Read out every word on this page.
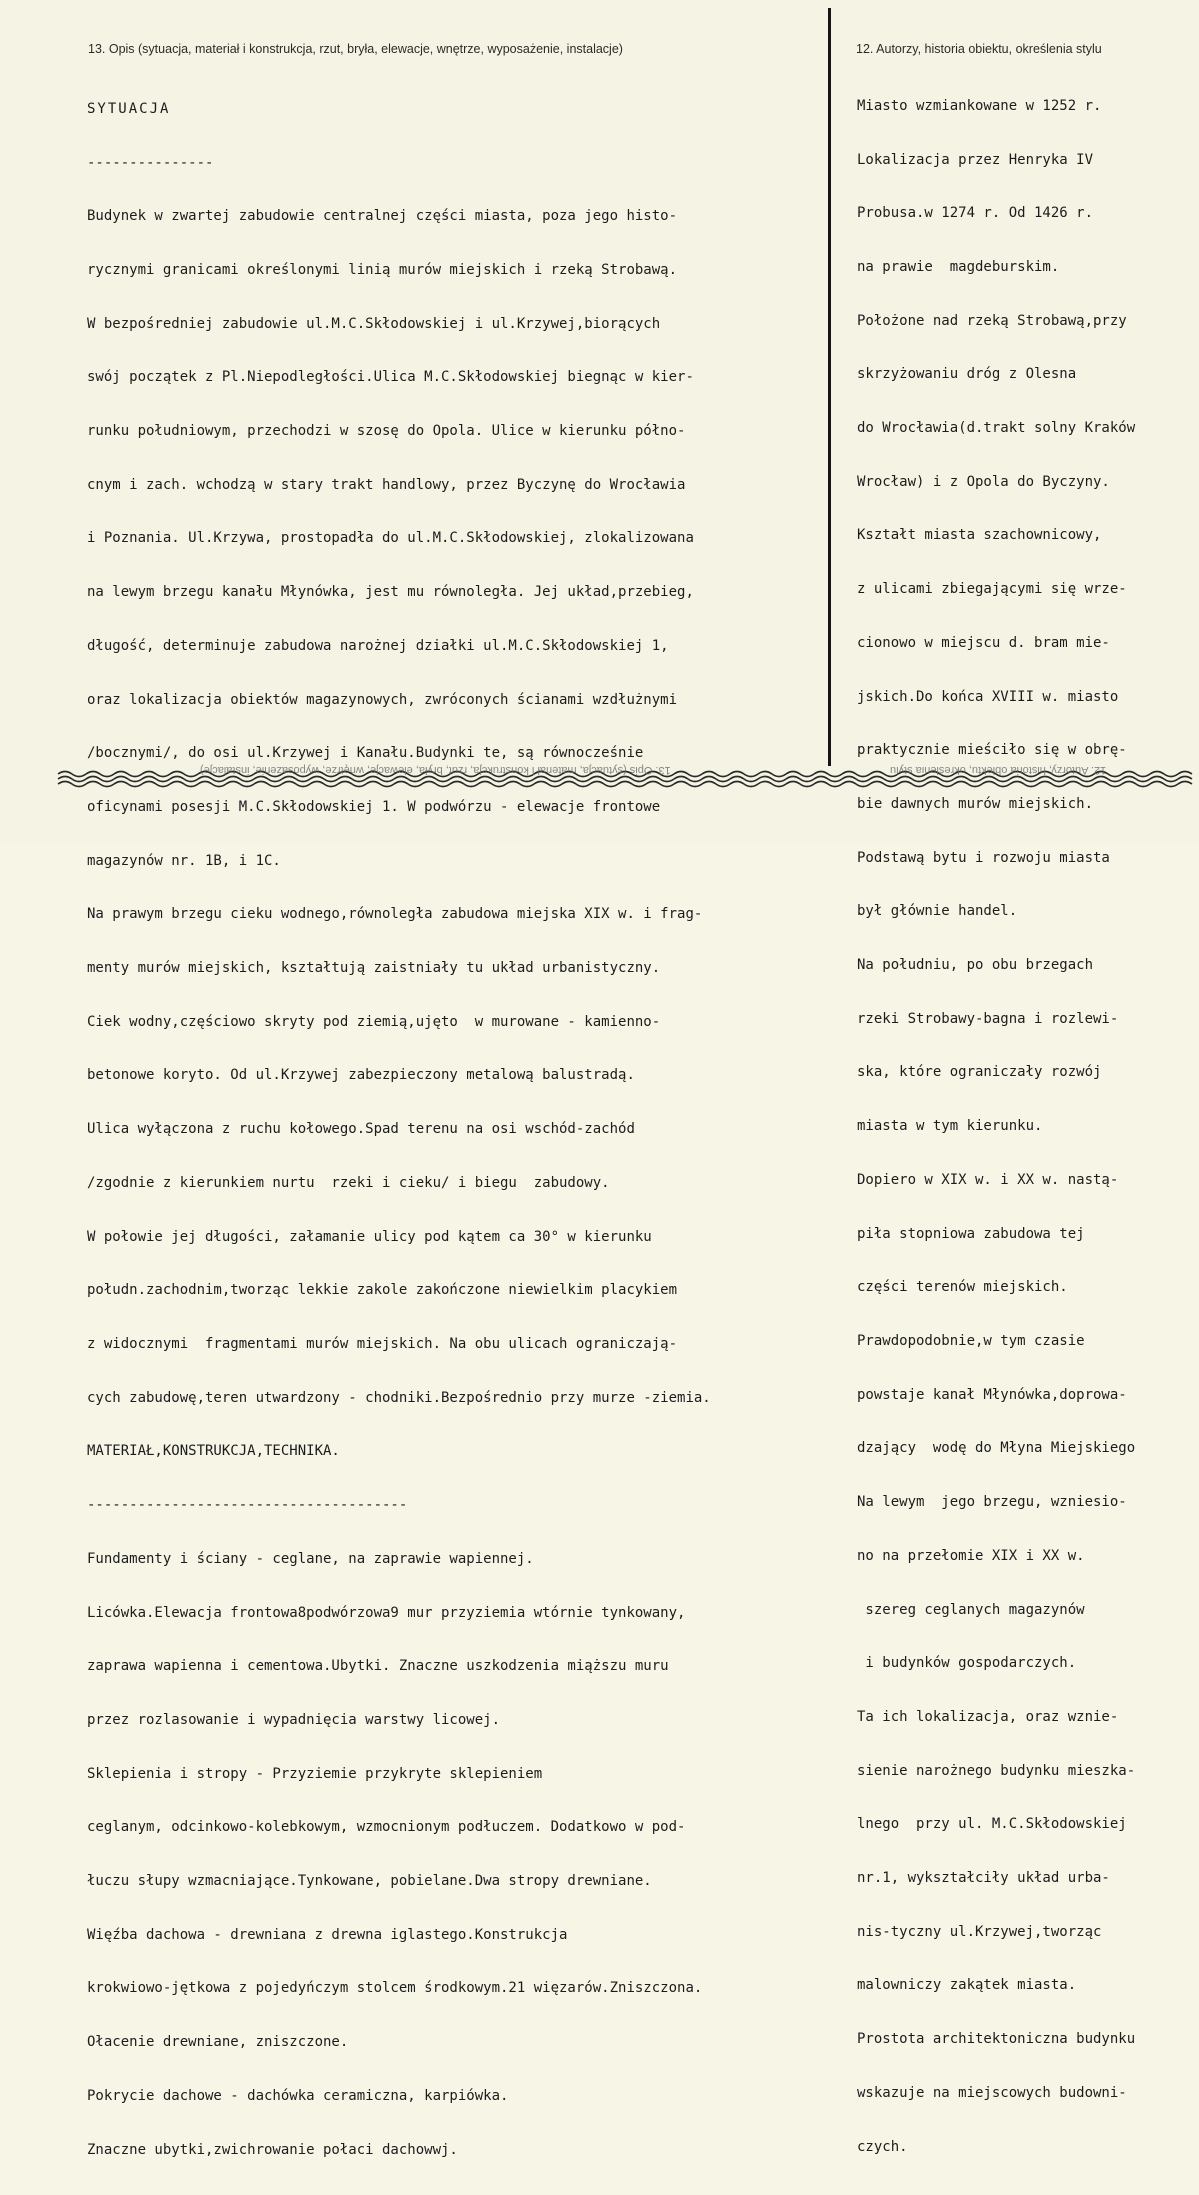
13. Opis (sytuacja, materiał i konstrukcja, rzut, bryła, elewacje, wnętrze, wyposażenie, instalacje)	12. Autorzy, historia obiektu, określenia stylu

SYTUACJA

---------------

Budynek w zwartej zabudowie centralnej części miasta, poza jego histo-

rycznymi granicami określonymi linią murów miejskich i rzeką Strobawą.

W bezpośredniej zabudowie ul.M.C.Skłodowskiej i ul.Krzywej,biorących

swój początek z Pl.Niepodległości.Ulica M.C.Skłodowskiej biegnąc w kier-

runku południowym, przechodzi w szosę do Opola. Ulice w kierunku półno-

cnym i zach. wchodzą w stary trakt handlowy, przez Byczynę do Wrocławia

i Poznania. Ul.Krzywa, prostopadła do ul.M.C.Skłodowskiej, zlokalizowana

na lewym brzegu kanału Młynówka, jest mu równoległa. Jej układ,przebieg,

długość, determinuje zabudowa narożnej działki ul.M.C.Skłodowskiej 1,

oraz lokalizacja obiektów magazynowych, zwróconych ścianami wzdłużnymi

/bocznymi/, do osi ul.Krzywej i Kanału.Budynki te, są równocześnie

oficynami posesji M.C.Skłodowskiej 1. W podwórzu - elewacje frontowe

magazynów nr. 1B, i 1C.

Na prawym brzegu cieku wodnego,równoległa zabudowa miejska XIX w. i frag-

menty murów miejskich, kształtują zaistniały tu układ urbanistyczny.

Ciek wodny,częściowo skryty pod ziemią,ujęto  w murowane - kamienno-

betonowe koryto. Od ul.Krzywej zabezpieczony metalową balustradą.

Ulica wyłączona z ruchu kołowego.Spad terenu na osi wschód-zachód

/zgodnie z kierunkiem nurtu  rzeki i cieku/ i biegu  zabudowy.

W połowie jej długości, załamanie ulicy pod kątem ca 30° w kierunku

połudn.zachodnim,tworząc lekkie zakole zakończone niewielkim placykiem

z widocznymi  fragmentami murów miejskich. Na obu ulicach ograniczają-

cych zabudowę,teren utwardzony - chodniki.Bezpośrednio przy murze -ziemia.

MATERIAŁ,KONSTRUKCJA,TECHNIKA.

--------------------------------------

Fundamenty i ściany - ceglane, na zaprawie wapiennej.

Licówka.Elewacja frontowa8podwórzowa9 mur przyziemia wtórnie tynkowany,

zaprawa wapienna i cementowa.Ubytki. Znaczne uszkodzenia miąższu muru

przez rozlasowanie i wypadnięcia warstwy licowej.

Sklepienia i stropy - Przyziemie przykryte sklepieniem

ceglanym, odcinkowo-kolebkowym, wzmocnionym podłuczem. Dodatkowo w pod-

łuczu słupy wzmacniające.Tynkowane, pobielane.Dwa stropy drewniane.

Więźba dachowa - drewniana z drewna iglastego.Konstrukcja

krokwiowo-jętkowa z pojedyńczym stolcem środkowym.21 więzarów.Zniszczona.

Ołacenie drewniane, zniszczone.

Pokrycie dachowe - dachówka ceramiczna, karpiówka.

Znaczne ubytki,zwichrowanie połaci dachowwj.

Miasto wzmiankowane w 1252 r.

Lokalizacja przez Henryka IV

Probusa.w 1274 r. Od 1426 r.

na prawie  magdeburskim.

Położone nad rzeką Strobawą,przy

skrzyżowaniu dróg z Olesna

do Wrocławia(d.trakt solny Kraków

Wrocław) i z Opola do Byczyny.

Kształt miasta szachownicowy,

z ulicami zbiegającymi się wrze-

cionowo w miejscu d. bram mie-

jskich.Do końca XVIII w. miasto

praktycznie mieściło się w obrę-

bie dawnych murów miejskich.

Podstawą bytu i rozwoju miasta

był głównie handel.

Na południu, po obu brzegach

rzeki Strobawy-bagna i rozlewi-

ska, które ograniczały rozwój

miasta w tym kierunku.

Dopiero w XIX w. i XX w. nastą-

piła stopniowa zabudowa tej

części terenów miejskich.

Prawdopodobnie,w tym czasie

powstaje kanał Młynówka,doprowa-

dzający  wodę do Młyna Miejskiego

Na lewym  jego brzegu, wzniesio-

no na przełomie XIX i XX w.

szereg ceglanych magazynów

i budynków gospodarczych.

Ta ich lokalizacja, oraz wznie-

sienie narożnego budynku mieszka-

lnego  przy ul. M.C.Skłodowskiej

nr.1, wykształciły układ urba-

nis-tyczny ul.Krzywej,tworząc

malowniczy zakątek miasta.

Prostota architektoniczna budynku

wskazuje na miejscowych budowni-

czych.

13. Opis (sytuacja, materiał i konstrukcja, rzut, bryła, elewacje, wnętrze, wyposażenie, instalacje)	12. Autorzy, historia obiektu, określenia stylu
